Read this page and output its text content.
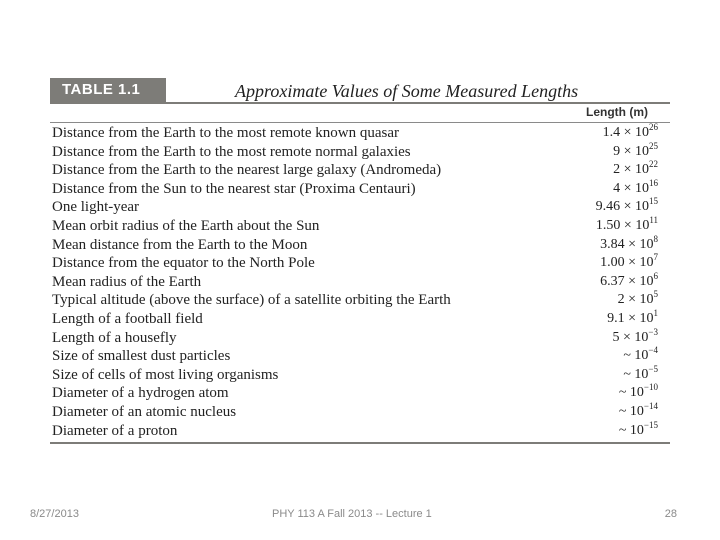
TABLE 1.1	Approximate Values of Some Measured Lengths
Length (m)
Distance from the Earth to the most remote known quasar	$1.4 \times 10^{26}$
Distance from the Earth to the most remote normal galaxies	$9 \times 10^{25}$
Distance from the Earth to the nearest large galaxy (Andromeda)	$2 \times 10^{22}$
Distance from the Sun to the nearest star (Proxima Centauri)	$4 \times 10^{16}$
One light-year	$9.46 \times 10^{15}$
Mean orbit radius of the Earth about the Sun	$1.50 \times 10^{11}$
Mean distance from the Earth to the Moon	$3.84 \times 10^8$
Distance from the equator to the North Pole	$1.00 \times 10^7$
Mean radius of the Earth	$6.37 \times 10^6$
Typical altitude (above the surface) of a satellite orbiting the Earth	$2 \times 10^5$
Length of a football field	$9.1 \times 10^1$
Length of a housefly	$5 \times 10^{-3}$
Size of smallest dust particles	~ $10^{-4}$
Size of cells of most living organisms	~ $10^{-5}$
Diameter of a hydrogen atom	~ $10^{-10}$
Diameter of an atomic nucleus	~ $10^{-14}$
Diameter of a proton	~ $10^{-15}$
8/27/2013	PHY 113 A Fall 2013 -- Lecture 1	28
